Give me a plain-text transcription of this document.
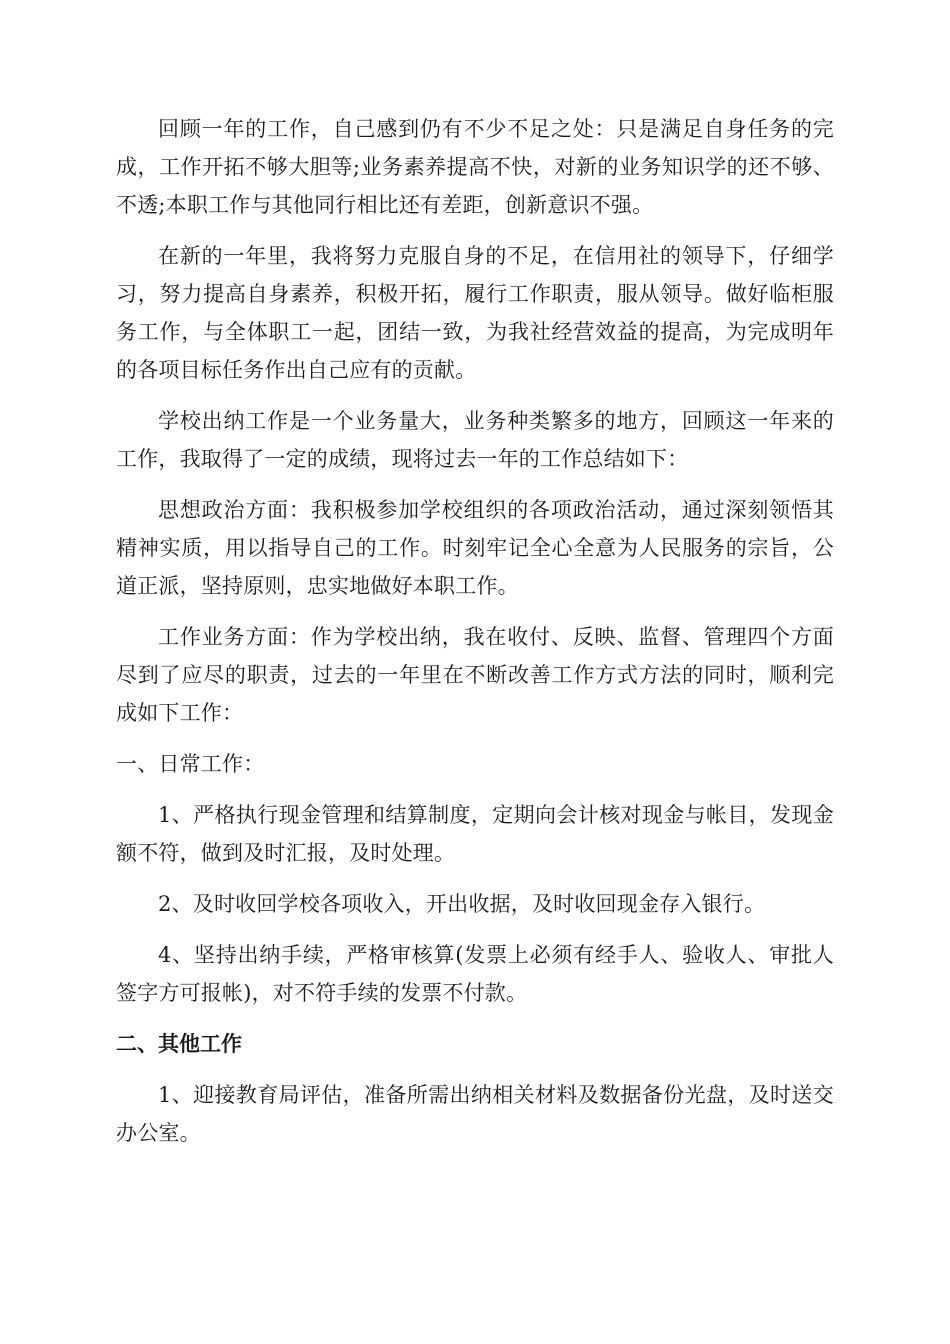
回顾一年的工作，自己感到仍有不少不足之处：只是满足自身任务的完成，工作开拓不够大胆等;业务素养提高不快，对新的业务知识学的还不够、不透;本职工作与其他同行相比还有差距，创新意识不强。

在新的一年里，我将努力克服自身的不足，在信用社的领导下，仔细学习，努力提高自身素养，积极开拓，履行工作职责，服从领导。做好临柜服务工作，与全体职工一起，团结一致，为我社经营效益的提高，为完成明年的各项目标任务作出自己应有的贡献。

学校出纳工作是一个业务量大，业务种类繁多的地方，回顾这一年来的工作，我取得了一定的成绩，现将过去一年的工作总结如下：

思想政治方面：我积极参加学校组织的各项政治活动，通过深刻领悟其精神实质，用以指导自己的工作。时刻牢记全心全意为人民服务的宗旨，公道正派，坚持原则，忠实地做好本职工作。

工作业务方面：作为学校出纳，我在收付、反映、监督、管理四个方面尽到了应尽的职责，过去的一年里在不断改善工作方式方法的同时，顺利完成如下工作：

一、日常工作：

1、严格执行现金管理和结算制度，定期向会计核对现金与帐目，发现金额不符，做到及时汇报，及时处理。

2、及时收回学校各项收入，开出收据，及时收回现金存入银行。

4、坚持出纳手续，严格审核算(发票上必须有经手人、验收人、审批人签字方可报帐)，对不符手续的发票不付款。

二、其他工作

1、迎接教育局评估，准备所需出纳相关材料及数据备份光盘，及时送交办公室。
